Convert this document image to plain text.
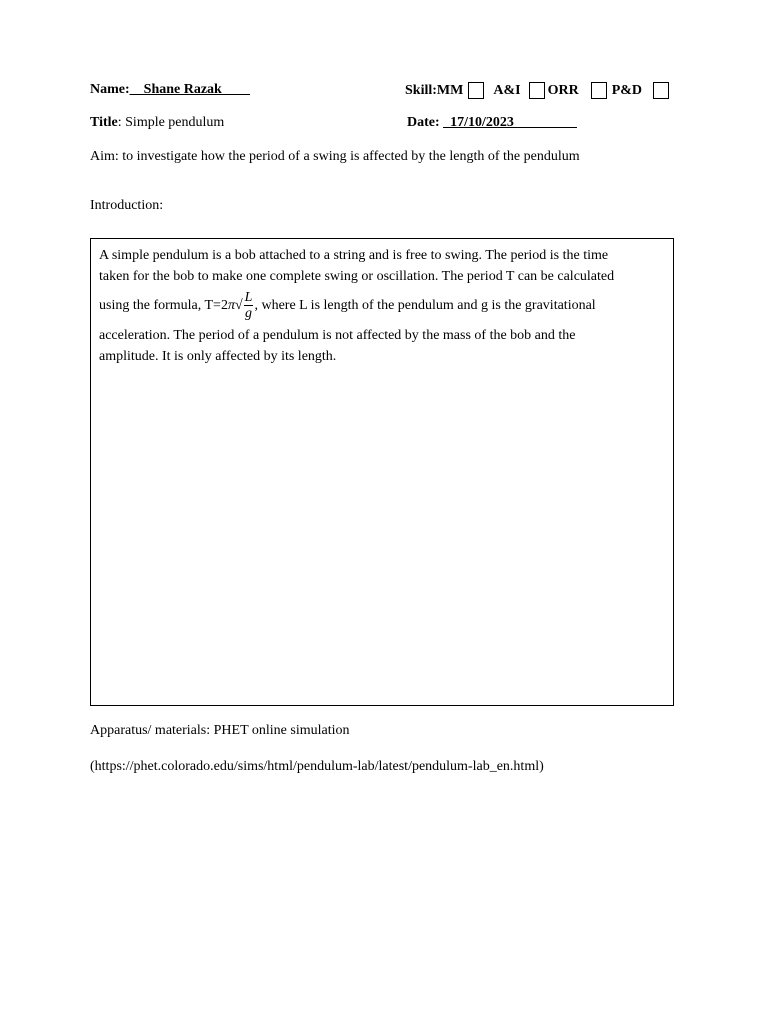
Name:__Shane Razak____	Skill:MM A&I ORR P&D
Title: Simple pendulum	Date: _17/10/2023_________
Aim: to investigate how the period of a swing is affected by the length of the pendulum
Introduction:
A simple pendulum is a bob attached to a string and is free to swing. The period is the time
taken for the bob to make one complete swing or oscillation. The period T can be calculated
using the formula, $T=2\pi√ \frac{L}{g}$ , where L is length of the pendulum and g is the gravitational
acceleration. The period of a pendulum is not affected by the mass of the bob and the
amplitude. It is only affected by its length.
Apparatus/ materials: PHET online simulation
(https://phet.colorado.edu/sims/html/pendulum-lab/latest/pendulum-lab_en.html)
